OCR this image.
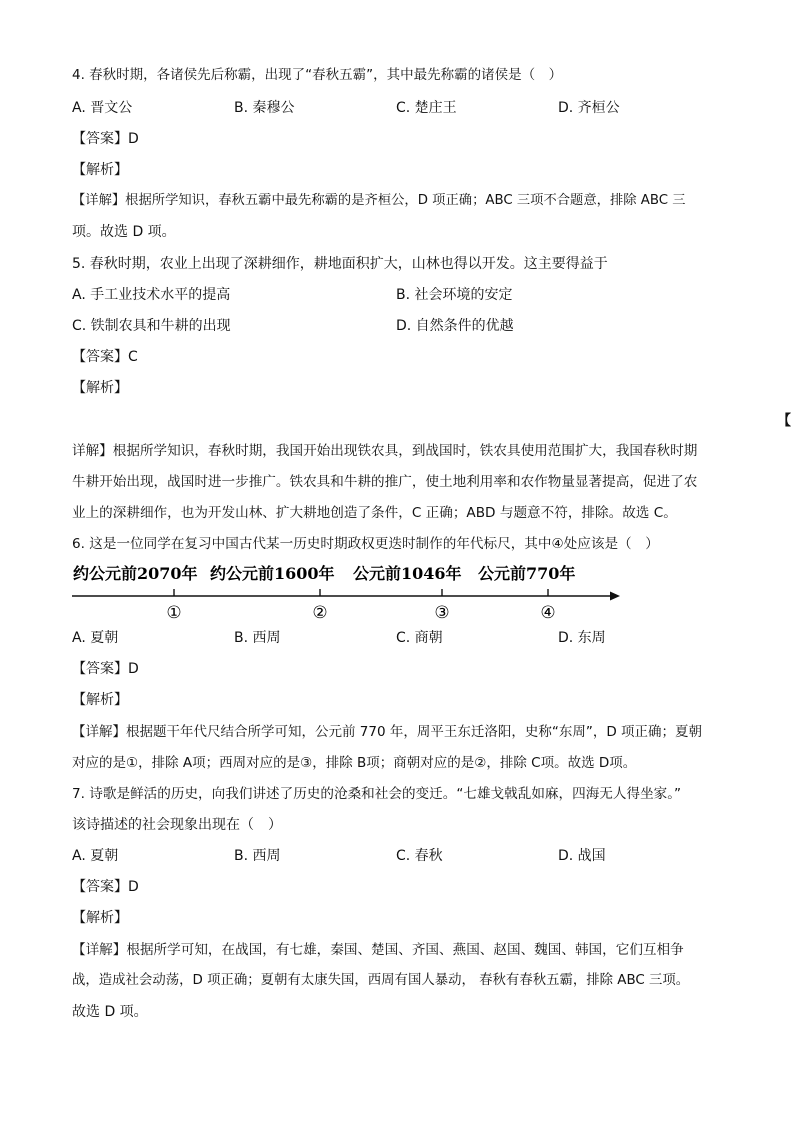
4. 春秋时期，各诸侯先后称霸，出现了“春秋五霸”，其中最先称霸的诸侯是（　）
A. 晋文公	B. 秦穆公	C. 楚庄王	D. 齐桓公
【答案】D
【解析】
【详解】根据所学知识，春秋五霸中最先称霸的是齐桓公，D 项正确；ABC 三项不合题意，排除 ABC 三
项。故选 D 项。
5. 春秋时期，农业上出现了深耕细作，耕地面积扩大，山林也得以开发。这主要得益于
A. 手工业技术水平的提高	B. 社会环境的安定
C. 铁制农具和牛耕的出现	D. 自然条件的优越
【答案】C
【解析】
【
详解】根据所学知识，春秋时期，我国开始出现铁农具，到战国时，铁农具使用范围扩大，我国春秋时期
牛耕开始出现，战国时进一步推广。铁农具和牛耕的推广，使土地利用率和农作物量显著提高，促进了农
业上的深耕细作，也为开发山林、扩大耕地创造了条件，C 正确；ABD 与题意不符，排除。故选 C。
6. 这是一位同学在复习中国古代某一历史时期政权更迭时制作的年代标尺，其中④处应该是（　）
约公元前2070年 约公元前1600年 公元前1046年 公元前770年
①	②	③	④
A. 夏朝	B. 西周	C. 商朝	D. 东周
【答案】D
【解析】
【详解】根据题干年代尺结合所学可知，公元前 770 年，周平王东迁洛阳，史称“东周”，D 项正确；夏朝
对应的是①，排除 A项；西周对应的是③，排除 B项；商朝对应的是②，排除 C项。故选 D项。
7. 诗歌是鲜活的历史，向我们讲述了历史的沧桑和社会的变迁。“七雄戈戟乱如麻，四海无人得坐家。”
该诗描述的社会现象出现在（　）
A. 夏朝	B. 西周	C. 春秋	D. 战国
【答案】D
【解析】
【详解】根据所学可知，在战国，有七雄，秦国、楚国、齐国、燕国、赵国、魏国、韩国，它们互相争
战，造成社会动荡，D 项正确；夏朝有太康失国，西周有国人暴动， 春秋有春秋五霸，排除 ABC 三项。
故选 D 项。
